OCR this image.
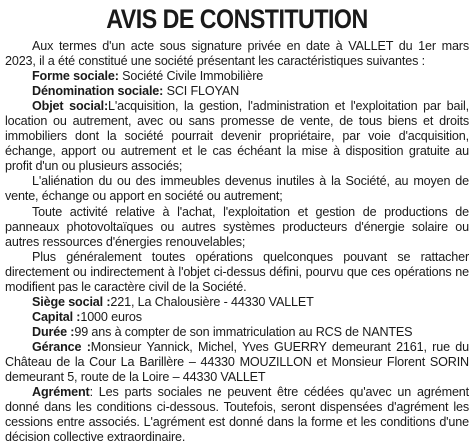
AVIS DE CONSTITUTION

Aux termes d'un acte sous signature privée en date à VALLET du 1er mars 2023, il a été constitué une société présentant les caractéristiques suivantes :

Forme sociale: Société Civile Immobilière

Dénomination sociale: SCI FLOYAN

Objet social:L'acquisition, la gestion, l'administration et l'exploitation par bail, location ou autrement, avec ou sans promesse de vente, de tous biens et droits immobiliers dont la société pourrait devenir propriétaire, par voie d'acquisition, échange, apport ou autrement et le cas échéant la mise à disposition gratuite au profit d'un ou plusieurs associés;

L'aliénation du ou des immeubles devenus inutiles à la Société, au moyen de vente, échange ou apport en société ou autrement;

Toute activité relative à l'achat, l'exploitation et gestion de productions de panneaux photovoltaïques ou autres systèmes producteurs d'énergie solaire ou autres ressources d'énergies renouvelables;

Plus généralement toutes opérations quelconques pouvant se rattacher directement ou indirectement à l'objet ci-dessus défini, pourvu que ces opérations ne modifient pas le caractère civil de la Société.

Siège social :221, La Chalousière - 44330 VALLET

Capital :1000 euros

Durée :99 ans à compter de son immatriculation au RCS de NANTES

Gérance :Monsieur Yannick, Michel, Yves GUERRY demeurant 2161, rue du Château de la Cour La Barillère – 44330 MOUZILLON et Monsieur Florent SORIN demeurant 5, route de la Loire – 44330 VALLET

Agrément: Les parts sociales ne peuvent être cédées qu'avec un agrément donné dans les conditions ci-dessous. Toutefois, seront dispensées d'agrément les cessions entre associés. L'agrément est donné dans la forme et les conditions d'une décision collective extraordinaire.
